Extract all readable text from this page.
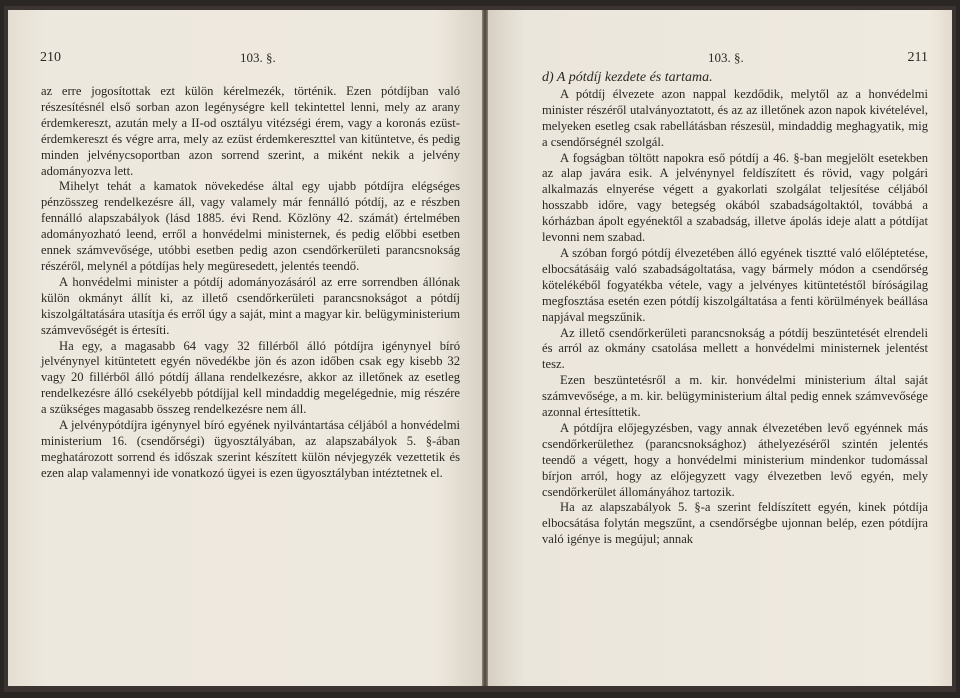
210	103. §.

az erre jogosítottak ezt külön kérelmezék, történik. Ezen pótdíjban való részesítésnél első sorban azon legénységre kell tekintettel lenni, mely az arany érdemkereszt, azután mely a II-od osztályu vitézségi érem, vagy a koronás ezüst-érdemkereszt és végre arra, mely az ezüst érdemkereszttel van kitüntetve, és pedig minden jelvénycsoportban azon sorrend szerint, a miként nekik a jelvény adományozva lett.

Mihelyt tehát a kamatok növekedése által egy ujabb pótdíjra elégséges pénzösszeg rendelkezésre áll, vagy valamely már fennálló pótdíj, az e részben fennálló alapszabályok (lásd 1885. évi Rend. Közlöny 42. számát) értelmében adományozható leend, erről a honvédelmi ministernek, és pedig előbbi esetben ennek számvevősége, utóbbi esetben pedig azon csendőrkerületi parancsnokság részéről, melynél a pótdíjas hely megüresedett, jelentés teendő.

A honvédelmi minister a pótdíj adományozásáról az erre sorrendben állónak külön okmányt állít ki, az illető csendőrkerületi parancsnokságot a pótdíj kiszolgáltatására utasítja és erről úgy a saját, mint a magyar kir. belügyministerium számvevőségét is értesíti.

Ha egy, a magasabb 64 vagy 32 fillérből álló pótdíjra igénynyel bíró jelvénynyel kitüntetett egyén növedékbe jön és azon időben csak egy kisebb 32 vagy 20 fillérből álló pótdíj állana rendelkezésre, akkor az illetőnek az esetleg rendelkezésre álló csekélyebb pótdíjjal kell mindaddig megelégednie, mig részére a szükséges magasabb összeg rendelkezésre nem áll.

A jelvénypótdíjra igénynyel bíró egyének nyilvántartása céljából a honvédelmi ministerium 16. (csendőrségi) ügyosztályában, az alapszabályok 5. §-ában meghatározott sorrend és időszak szerint készített külön névjegyzék vezettetik és ezen alap valamennyi ide vonatkozó ügyei is ezen ügyosztályban intéztetnek el.

103. §.	211

d) A pótdíj kezdete és tartama.

A pótdíj élvezete azon nappal kezdődik, melytől az a honvédelmi minister részéről utalványoztatott, és az az illetőnek azon napok kivételével, melyeken esetleg csak rabellátásban részesül, mindaddig meghagyatik, mig a csendőrségnél szolgál.

A fogságban töltött napokra eső pótdíj a 46. §-ban megjelölt esetekben az alap javára esik. A jelvénynyel feldíszített és rövid, vagy polgári alkalmazás elnyerése végett a gyakorlati szolgálat teljesítése céljából hosszabb időre, vagy betegség okából szabadságoltaktól, továbbá a kórházban ápolt egyénektől a szabadság, illetve ápolás ideje alatt a pótdíjat levonni nem szabad.

A szóban forgó pótdíj élvezetében álló egyének tisztté való előléptetése, elbocsátásáig való szabadságoltatása, vagy bármely módon a csendőrség kötelékéből fogyatékba vétele, vagy a jelvényes kitüntetéstől bíróságilag megfosztása esetén ezen pótdíj kiszolgáltatása a fenti körülmények beállása napjával megszűnik.

Az illető csendőrkerületi parancsnokság a pótdíj beszüntetését elrendeli és arról az okmány csatolása mellett a honvédelmi ministernek jelentést tesz.

Ezen beszüntetésről a m. kir. honvédelmi ministerium által saját számvevősége, a m. kir. belügyministerium által pedig ennek számvevősége azonnal értesíttetik.

A pótdíjra előjegyzésben, vagy annak élvezetében levő egyénnek más csendőrkerülethez (parancsnoksághoz) áthelyezéséről szintén jelentés teendő a végett, hogy a honvédelmi ministerium mindenkor tudomással bírjon arról, hogy az előjegyzett vagy élvezetben levő egyén, mely csendőrkerület állományához tartozik.

Ha az alapszabályok 5. §-a szerint feldíszített egyén, kinek pótdíja elbocsátása folytán megszűnt, a csendőrségbe ujonnan belép, ezen pótdíjra való igénye is megújul; annak
